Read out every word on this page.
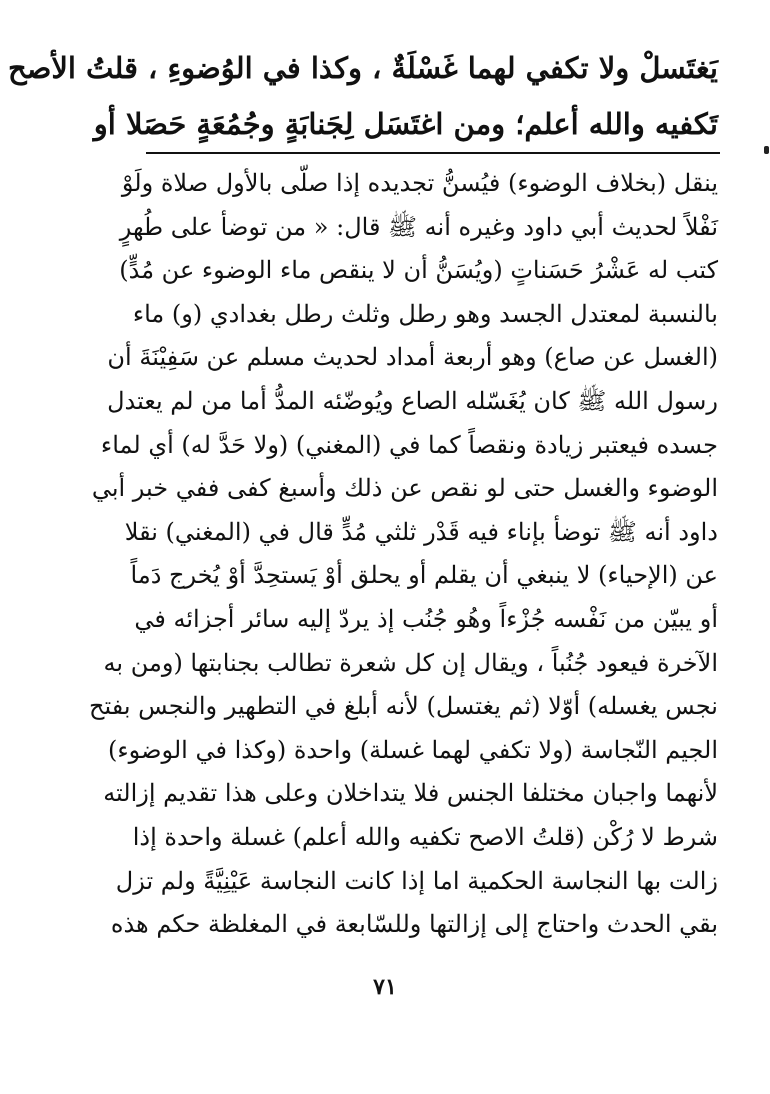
يَغتَسلْ ولا تكفي لهما غَسْلَةٌ ، وكذا في الوُضوءِ ، قلتُ الأصح
تَكفيه والله أعلم؛ ومن اغتَسَل لِجَنابَةٍ وجُمُعَةٍ حَصَلا أو
ينقل (بخلاف الوضوء) فيُسنُّ تجديده إذا صلّى بالأول صلاة ولَوْ
نَفْلاً لحديث أبي داود وغيره أنه ﷺ قال: « من توضأ على طُهرٍ
كتب له عَشْرُ حَسَناتٍ (ويُسَنُّ أن لا ينقص ماء الوضوء عن مُدٍّ)
بالنسبة لمعتدل الجسد وهو رطل وثلث رطل بغدادي (و) ماء
(الغسل عن صاع) وهو أربعة أمداد لحديث مسلم عن سَفِيْنَةَ أن
رسول الله ﷺ كان يُغَسّله الصاع ويُوضّئه المدُّ أما من لم يعتدل
جسده فيعتبر زيادة ونقصاً كما في (المغني) (ولا حَدَّ له) أي لماء
الوضوء والغسل حتى لو نقص عن ذلك وأسبغ كفى ففي خبر أبي
داود أنه ﷺ توضأ بإناء فيه قَدْر ثلثي مُدٍّ قال في (المغني) نقلا
عن (الإحياء) لا ينبغي أن يقلم أو يحلق أوْ يَستحِدَّ أوْ يُخرج دَماً
أو يبيّن من نَفْسه جُزْءاً وهُو جُنُب إذ يردّ إليه سائر أجزائه في
الآخرة فيعود جُنُباً ، ويقال إن كل شعرة تطالب بجنابتها (ومن به
نجس يغسله) أوّلا (ثم يغتسل) لأنه أبلغ في التطهير والنجس بفتح
الجيم النّجاسة (ولا تكفي لهما غسلة) واحدة (وكذا في الوضوء)
لأنهما واجبان مختلفا الجنس فلا يتداخلان وعلى هذا تقديم إزالته
شرط لا رُكْن (قلتُ الاصح تكفيه والله أعلم) غسلة واحدة إذا
زالت بها النجاسة الحكمية اما إذا كانت النجاسة عَيْنِيَّةً ولم تزل
بقي الحدث واحتاج إلى إزالتها وللسّابعة في المغلظة حكم هذه
٧١
